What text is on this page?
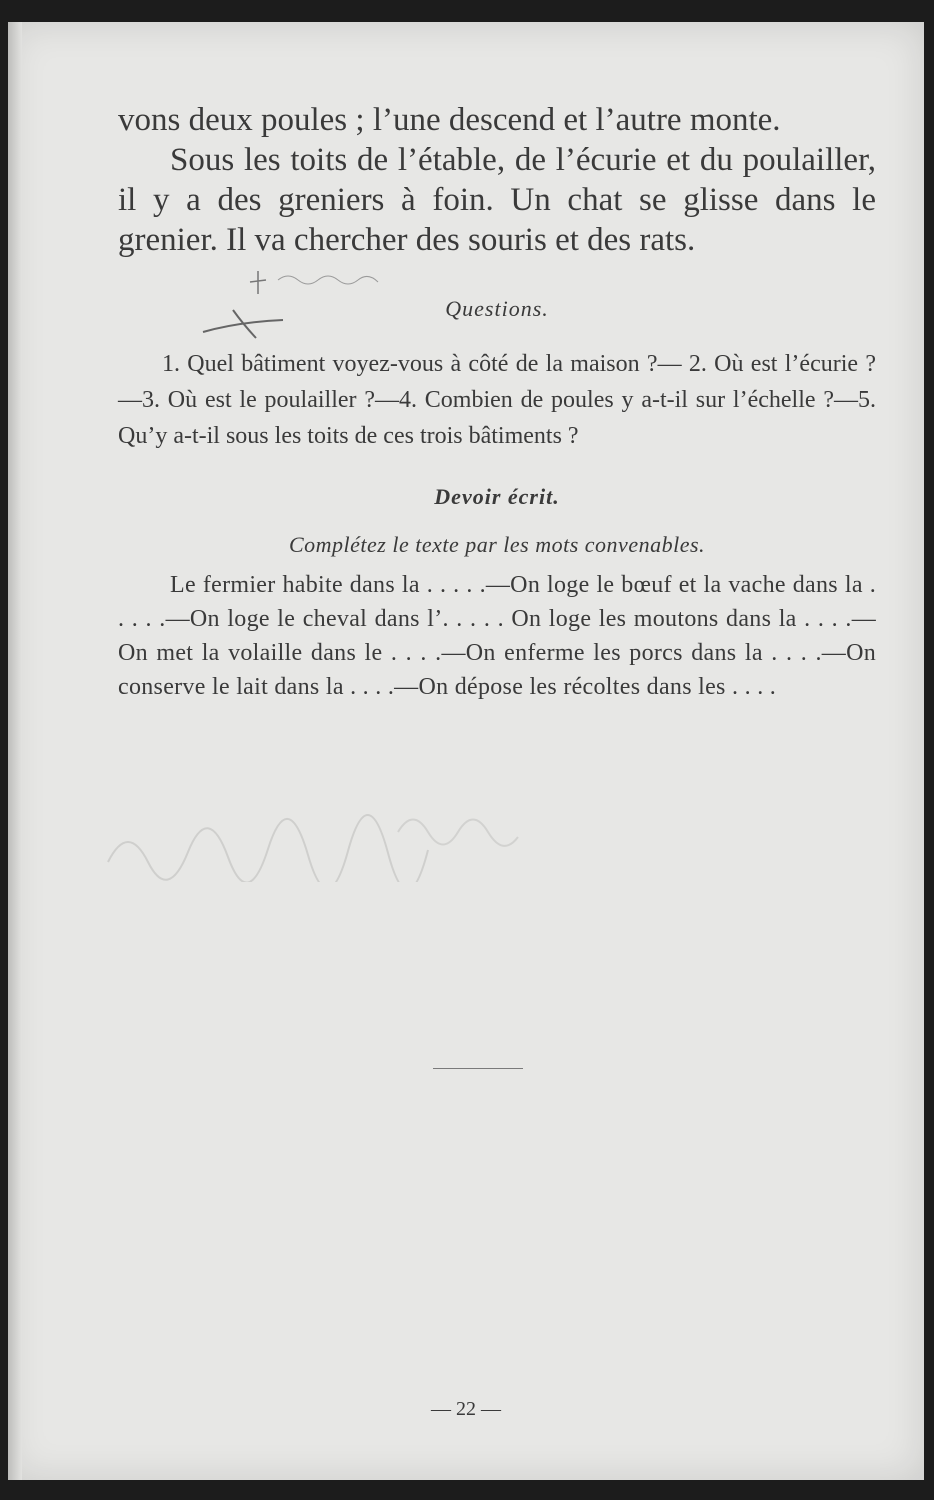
vons deux poules ; l’une descend et l’autre monte.

Sous les toits de l’étable, de l’écurie et du poulailler, il y a des greniers à foin. Un chat se glisse dans le grenier. Il va chercher des souris et des rats.

Questions.

1. Quel bâtiment voyez-vous à côté de la maison ?— 2. Où est l’écurie ?—3. Où est le poulailler ?—4. Combien de poules y a-t-il sur l’échelle ?—5. Qu’y a-t-il sous les toits de ces trois bâtiments ?

Devoir écrit.

Complétez le texte par les mots convenables.

Le fermier habite dans la . . . . .—On loge le bœuf et la vache dans la . . . . .—On loge le cheval dans l’. . . . . On loge les moutons dans la . . . .—On met la volaille dans le . . . .—On enferme les porcs dans la . . . .—On conserve le lait dans la . . . .—On dépose les récoltes dans les . . . .

— 22 —
